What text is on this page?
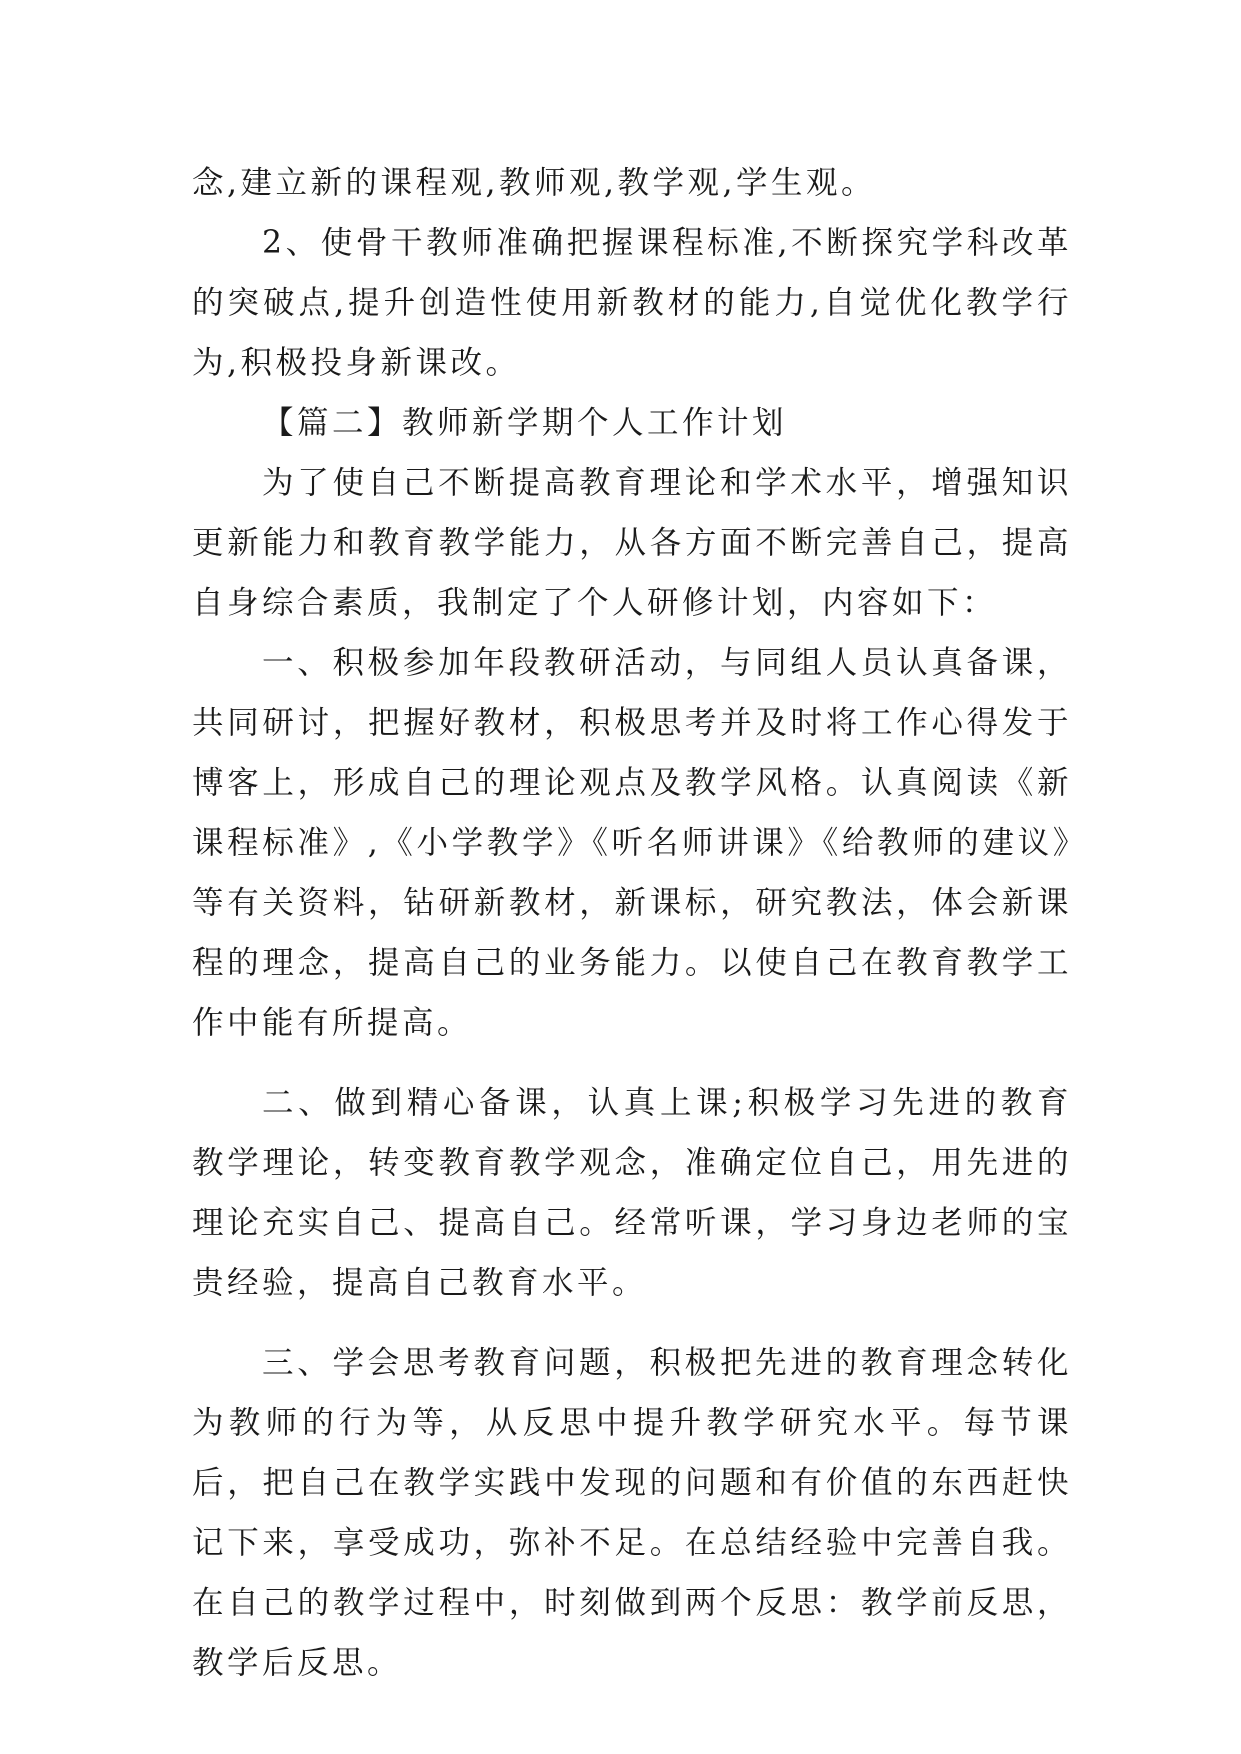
念,建立新的课程观,教师观,教学观,学生观。

2、使骨干教师准确把握课程标准,不断探究学科改革的突破点,提升创造性使用新教材的能力,自觉优化教学行为,积极投身新课改。

【篇二】教师新学期个人工作计划

为了使自己不断提高教育理论和学术水平，增强知识更新能力和教育教学能力，从各方面不断完善自己，提高自身综合素质，我制定了个人研修计划，内容如下：

一、积极参加年段教研活动，与同组人员认真备课，共同研讨，把握好教材，积极思考并及时将工作心得发于博客上，形成自己的理论观点及教学风格。认真阅读《新课程标准》,《小学教学》《听名师讲课》《给教师的建议》等有关资料，钻研新教材，新课标，研究教法，体会新课程的理念，提高自己的业务能力。以使自己在教育教学工作中能有所提高。

二、做到精心备课，认真上课;积极学习先进的教育教学理论，转变教育教学观念，准确定位自己，用先进的理论充实自己、提高自己。经常听课，学习身边老师的宝贵经验，提高自己教育水平。

三、学会思考教育问题，积极把先进的教育理念转化为教师的行为等，从反思中提升教学研究水平。每节课后，把自己在教学实践中发现的问题和有价值的东西赶快记下来，享受成功，弥补不足。在总结经验中完善自我。在自己的教学过程中，时刻做到两个反思：教学前反思，教学后反思。
